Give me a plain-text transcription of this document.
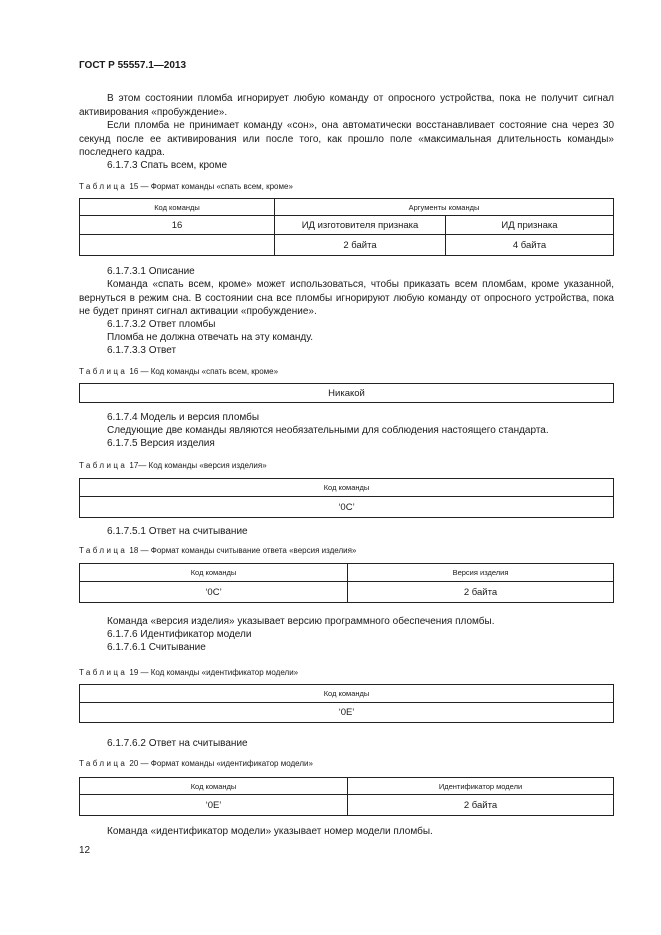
ГОСТ Р 55557.1—2013
В этом состоянии пломба игнорирует любую команду от опросного устройства, пока не получит сигнал активирования «пробуждение».
Если пломба не принимает команду «сон», она автоматически восстанавливает состояние сна через 30 секунд после ее активирования или после того, как прошло поле «максимальная длительность команды» последнего кадра.
6.1.7.3 Спать всем, кроме
Таблица 15 — Формат команды «спать всем, кроме»
Код команды	Аргументы команды	
16	ИД изготовителя признака	ИД признака
	2 байта	4 байта
6.1.7.3.1 Описание
Команда «спать всем, кроме» может использоваться, чтобы приказать всем пломбам, кроме указанной, вернуться в режим сна. В состоянии сна все пломбы игнорируют любую команду от опросного устройства, пока не будет принят сигнал активации «пробуждение».
6.1.7.3.2 Ответ пломбы
Пломба не должна отвечать на эту команду.
6.1.7.3.3 Ответ
Таблица 16 — Код команды «спать всем, кроме»
Никакой
6.1.7.4 Модель и версия пломбы
Следующие две команды являются необязательными для соблюдения настоящего стандарта.
6.1.7.5 Версия изделия
Таблица 17— Код команды «версия изделия»
Код команды
‘0C’
6.1.7.5.1 Ответ на считывание
Таблица 18 — Формат команды считывание ответа «версия изделия»
Код команды	Версия изделия
‘0C’	2 байта
Команда «версия изделия» указывает версию программного обеспечения пломбы.
6.1.7.6 Идентификатор модели
6.1.7.6.1 Считывание
Таблица 19 — Код команды «идентификатор модели»
Код команды
‘0E’
6.1.7.6.2 Ответ на считывание
Таблица 20 — Формат команды «идентификатор модели»
Код команды	Идентификатор модели
‘0E’	2 байта
Команда «идентификатор модели» указывает номер модели пломбы.
12
